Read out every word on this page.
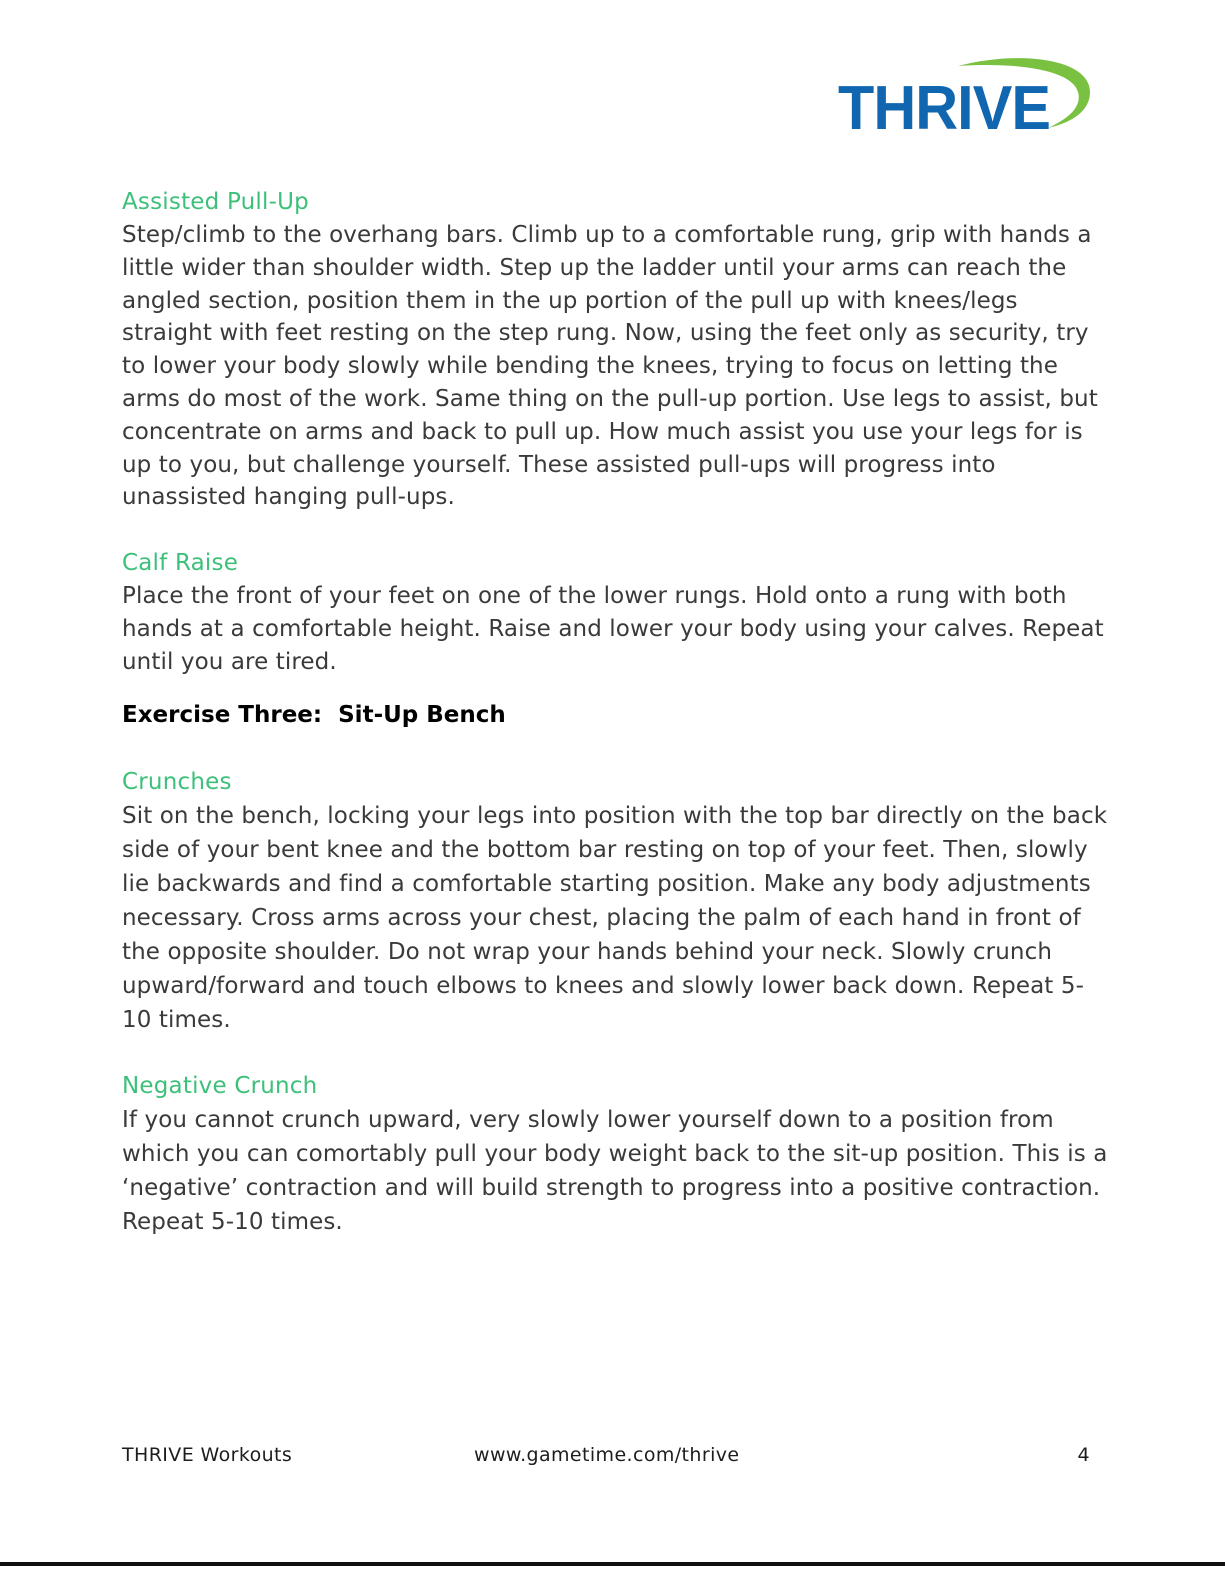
THRIVE

Assisted Pull-Up

Step/climb to the overhang bars. Climb up to a comfortable rung, grip with hands a little wider than shoulder width. Step up the ladder until your arms can reach the angled section, position them in the up portion of the pull up with knees/legs straight with feet resting on the step rung. Now, using the feet only as security, try to lower your body slowly while bending the knees, trying to focus on letting the arms do most of the work. Same thing on the pull-up portion. Use legs to assist, but concentrate on arms and back to pull up. How much assist you use your legs for is up to you, but challenge yourself. These assisted pull-ups will progress into unassisted hanging pull-ups.

Calf Raise

Place the front of your feet on one of the lower rungs. Hold onto a rung with both hands at a comfortable height. Raise and lower your body using your calves. Repeat until you are tired.

Exercise Three:  Sit-Up Bench

Crunches

Sit on the bench, locking your legs into position with the top bar directly on the back side of your bent knee and the bottom bar resting on top of your feet. Then, slowly lie backwards and find a comfortable starting position. Make any body adjustments necessary. Cross arms across your chest, placing the palm of each hand in front of the opposite shoulder. Do not wrap your hands behind your neck. Slowly crunch upward/forward and touch elbows to knees and slowly lower back down. Repeat 5-10 times.

Negative Crunch

If you cannot crunch upward, very slowly lower yourself down to a position from which you can comortably pull your body weight back to the sit-up position. This is a ‘negative’ contraction and will build strength to progress into a positive contraction. Repeat 5-10 times.

THRIVE Workouts	www.gametime.com/thrive	4
